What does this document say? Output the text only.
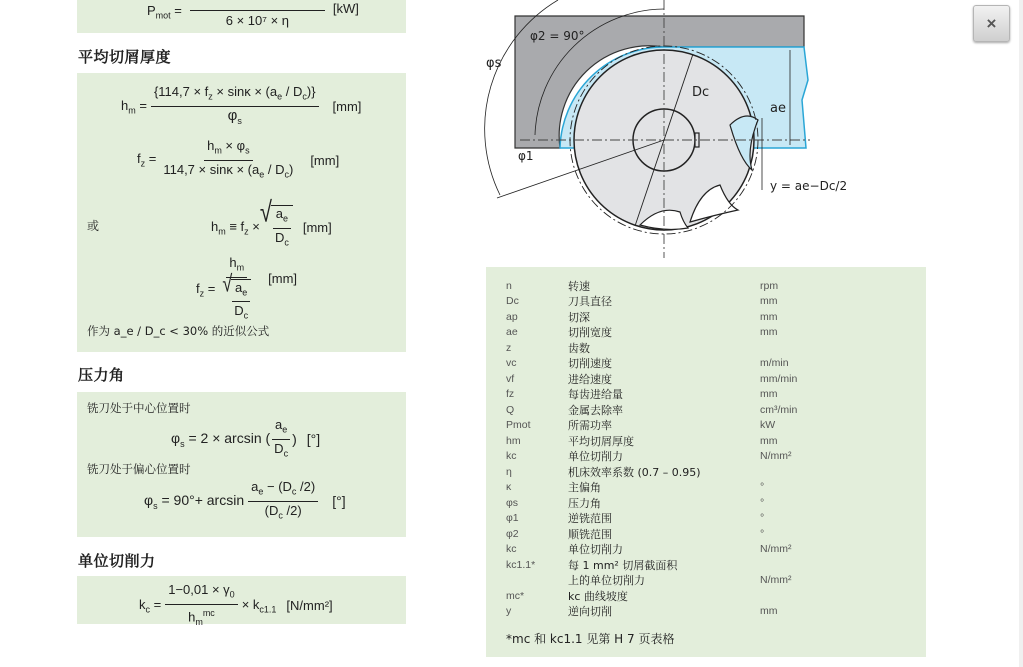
$P_{mot}$ =
6 × 10⁷ × η
[kW]
平均切屑厚度
$h_m = \frac{\{114,7 \times f_z \times \sin\kappa \times (a_e / D_c)\}}{\varphi_s} [mm]$
$f_z = \frac{h_m \times \varphi_s}{114,7 \times \sin\kappa \times (a_e / D_c)} [mm]$
或	$h_m \equiv f_z$ × √ $\frac{a_e}{D_c} [mm]$
$f_z = \frac{h_m}{√ \frac{a_e}{D_c}} [mm]$
作为 a_e / D_c < 30% 的近似公式
压力角
铣刀处于中心位置时
$\varphi_s = 2 \times \arcsin$ ( $\frac{a_e}{D_c}$ ) [°]
铣刀处于偏心位置时
$\varphi_s = 90^\circ+ \arcsin \frac{a_e - (D_c /2)}{(D_c /2)}$ [°]
单位切削力
$k_c = \frac{1-0,01 \times \gamma_0}{h_m^{mc}} \times k_{c1.1}$ [N/mm²]
φ2 = 90°
φs
φ1
Dc
ae
y = ae−Dc/2
n	转速	rpm
Dc	刀具直径	mm
ap	切深	mm
ae	切削宽度	mm
z	齿数
vc	切削速度	m/min
vf	进给速度	mm/min
fz	每齿进给量	mm
Q	金属去除率	cm³/min
Pmot	所需功率	kW
hm	平均切屑厚度	mm
kc	单位切削力	N/mm²
η	机床效率系数 (0.7 – 0.95)
κ	主偏角	°
φs	压力角	°
φ1	逆铣范围	°
φ2	顺铣范围	°
kc	单位切削力	N/mm²
kc1.1*	每 1 mm² 切屑截面积
上的单位切削力	N/mm²
mc*	kc 曲线坡度
y	逆向切削	mm
*mc 和 kc1.1 见第 H 7 页表格
×
